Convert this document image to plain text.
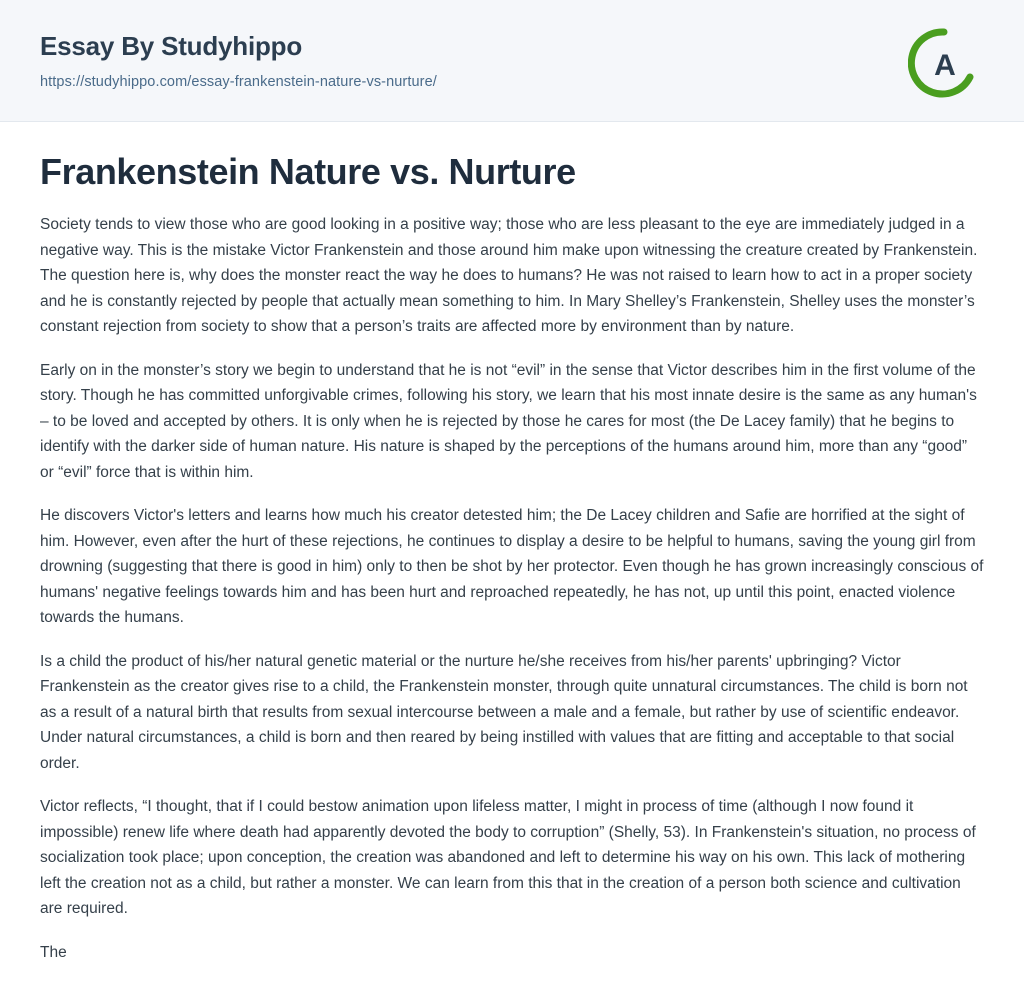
Essay By Studyhippo
https://studyhippo.com/essay-frankenstein-nature-vs-nurture/	A
Frankenstein Nature vs. Nurture

Society tends to view those who are good looking in a positive way; those who are less pleasant to the eye are immediately judged in a negative way. This is the mistake Victor Frankenstein and those around him make upon witnessing the creature created by Frankenstein. The question here is, why does the monster react the way he does to humans? He was not raised to learn how to act in a proper society and he is constantly rejected by people that actually mean something to him. In Mary Shelley’s Frankenstein, Shelley uses the monster’s constant rejection from society to show that a person’s traits are affected more by environment than by nature.

Early on in the monster’s story we begin to understand that he is not “evil” in the sense that Victor describes him in the first volume of the story. Though he has committed unforgivable crimes, following his story, we learn that his most innate desire is the same as any human's – to be loved and accepted by others. It is only when he is rejected by those he cares for most (the De Lacey family) that he begins to identify with the darker side of human nature. His nature is shaped by the perceptions of the humans around him, more than any “good” or “evil” force that is within him.

He discovers Victor's letters and learns how much his creator detested him; the De Lacey children and Safie are horrified at the sight of him. However, even after the hurt of these rejections, he continues to display a desire to be helpful to humans, saving the young girl from drowning (suggesting that there is good in him) only to then be shot by her protector. Even though he has grown increasingly conscious of humans' negative feelings towards him and has been hurt and reproached repeatedly, he has not, up until this point, enacted violence towards the humans.

Is a child the product of his/her natural genetic material or the nurture he/she receives from his/her parents' upbringing? Victor Frankenstein as the creator gives rise to a child, the Frankenstein monster, through quite unnatural circumstances. The child is born not as a result of a natural birth that results from sexual intercourse between a male and a female, but rather by use of scientific endeavor. Under natural circumstances, a child is born and then reared by being instilled with values that are fitting and acceptable to that social order.

Victor reflects, “I thought, that if I could bestow animation upon lifeless matter, I might in process of time (although I now found it impossible) renew life where death had apparently devoted the body to corruption” (Shelly, 53). In Frankenstein's situation, no process of socialization took place; upon conception, the creation was abandoned and left to determine his way on his own. This lack of mothering left the creation not as a child, but rather a monster. We can learn from this that in the creation of a person both science and cultivation are required.

The
